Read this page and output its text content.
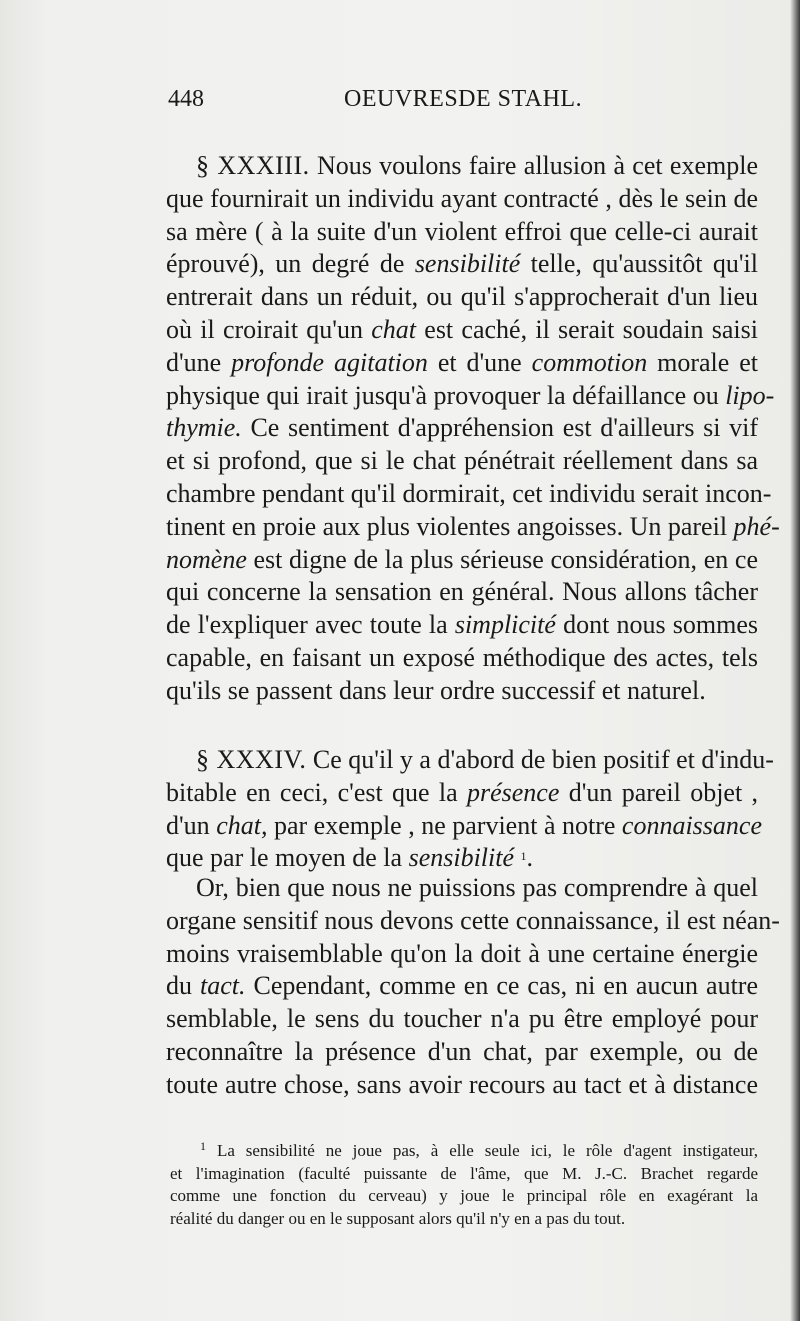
448	OEUVRESDE STAHL.
§ XXXIII. Nous voulons faire allusion à cet exemple
que fournirait un individu ayant contracté , dès le sein de
sa mère ( à la suite d'un violent effroi que celle-ci aurait
éprouvé), un degré de sensibilité telle, qu'aussitôt qu'il
entrerait dans un réduit, ou qu'il s'approcherait d'un lieu
où il croirait qu'un chat est caché, il serait soudain saisi
d'une profonde agitation et d'une commotion morale et
physique qui irait jusqu'à provoquer la défaillance ou lipo-
thymie. Ce sentiment d'appréhension est d'ailleurs si vif
et si profond, que si le chat pénétrait réellement dans sa
chambre pendant qu'il dormirait, cet individu serait incon-
tinent en proie aux plus violentes angoisses. Un pareil phé-
nomène est digne de la plus sérieuse considération, en ce
qui concerne la sensation en général. Nous allons tâcher
de l'expliquer avec toute la simplicité dont nous sommes
capable, en faisant un exposé méthodique des actes, tels
qu'ils se passent dans leur ordre successif et naturel.
§ XXXIV. Ce qu'il y a d'abord de bien positif et d'indu-
bitable en ceci, c'est que la présence d'un pareil objet ,
d'un chat, par exemple , ne parvient à notre connaissance
que par le moyen de la sensibilité $^1$.
Or, bien que nous ne puissions pas comprendre à quel
organe sensitif nous devons cette connaissance, il est néan-
moins vraisemblable qu'on la doit à une certaine énergie
du tact. Cependant, comme en ce cas, ni en aucun autre
semblable, le sens du toucher n'a pu être employé pour
reconnaître la présence d'un chat, par exemple, ou de
toute autre chose, sans avoir recours au tact et à distance
$^1$ La sensibilité ne joue pas, à elle seule ici, le rôle d'agent instigateur,
et l'imagination (faculté puissante de l'âme, que M. J.-C. Brachet regarde
comme une fonction du cerveau) y joue le principal rôle en exagérant la
réalité du danger ou en le supposant alors qu'il n'y en a pas du tout.
